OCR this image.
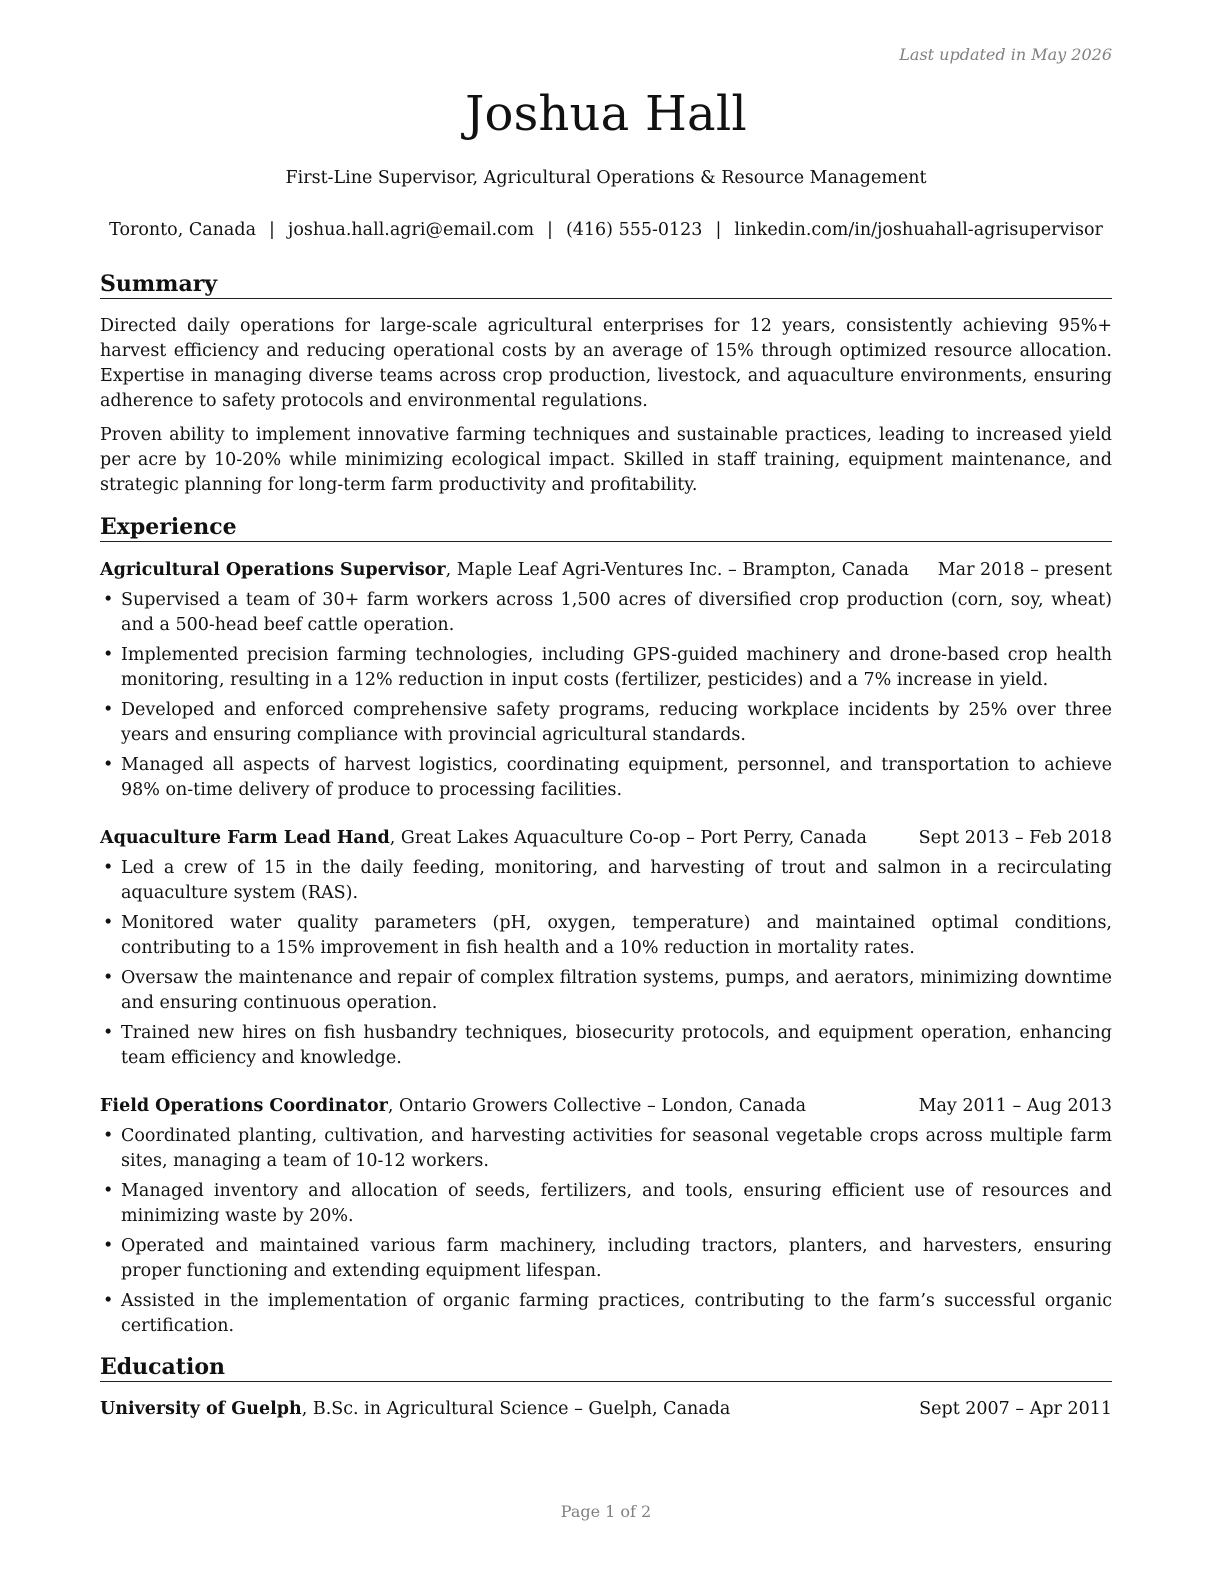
Last updated in May 2026
Joshua Hall
First-Line Supervisor, Agricultural Operations & Resource Management
Toronto, Canada | joshua.hall.agri@email.com | (416) 555-0123 | linkedin.com/in/joshuahall-agrisupervisor
Summary
Directed daily operations for large-scale agricultural enterprises for 12 years, consistently achieving 95%+ harvest efficiency and reducing operational costs by an average of 15% through optimized resource allocation. Expertise in managing diverse teams across crop production, livestock, and aquaculture environments, ensuring adherence to safety protocols and environmental regulations.
Proven ability to implement innovative farming techniques and sustainable practices, leading to increased yield per acre by 10-20% while minimizing ecological impact. Skilled in staff training, equipment maintenance, and strategic planning for long-term farm productivity and profitability.
Experience
Agricultural Operations Supervisor, Maple Leaf Agri-Ventures Inc. – Brampton, Canada Mar 2018 – present
• Supervised a team of 30+ farm workers across 1,500 acres of diversified crop production (corn, soy, wheat) and a 500-head beef cattle operation.
• Implemented precision farming technologies, including GPS-guided machinery and drone-based crop health monitoring, resulting in a 12% reduction in input costs (fertilizer, pesticides) and a 7% increase in yield.
• Developed and enforced comprehensive safety programs, reducing workplace incidents by 25% over three years and ensuring compliance with provincial agricultural standards.
• Managed all aspects of harvest logistics, coordinating equipment, personnel, and transportation to achieve 98% on-time delivery of produce to processing facilities.
Aquaculture Farm Lead Hand, Great Lakes Aquaculture Co-op – Port Perry, Canada	Sept 2013 – Feb 2018
• Led a crew of 15 in the daily feeding, monitoring, and harvesting of trout and salmon in a recirculating aquaculture system (RAS).
• Monitored water quality parameters (pH, oxygen, temperature) and maintained optimal conditions, contributing to a 15% improvement in fish health and a 10% reduction in mortality rates.
• Oversaw the maintenance and repair of complex filtration systems, pumps, and aerators, minimizing downtime and ensuring continuous operation.
• Trained new hires on fish husbandry techniques, biosecurity protocols, and equipment operation, enhancing team efficiency and knowledge.
Field Operations Coordinator, Ontario Growers Collective – London, Canada	May 2011 – Aug 2013
• Coordinated planting, cultivation, and harvesting activities for seasonal vegetable crops across multiple farm sites, managing a team of 10-12 workers.
• Managed inventory and allocation of seeds, fertilizers, and tools, ensuring efficient use of resources and minimizing waste by 20%.
• Operated and maintained various farm machinery, including tractors, planters, and harvesters, ensuring proper functioning and extending equipment lifespan.
• Assisted in the implementation of organic farming practices, contributing to the farm’s successful organic certification.
Education
University of Guelph, B.Sc. in Agricultural Science – Guelph, Canada	Sept 2007 – Apr 2011
Page 1 of 2
